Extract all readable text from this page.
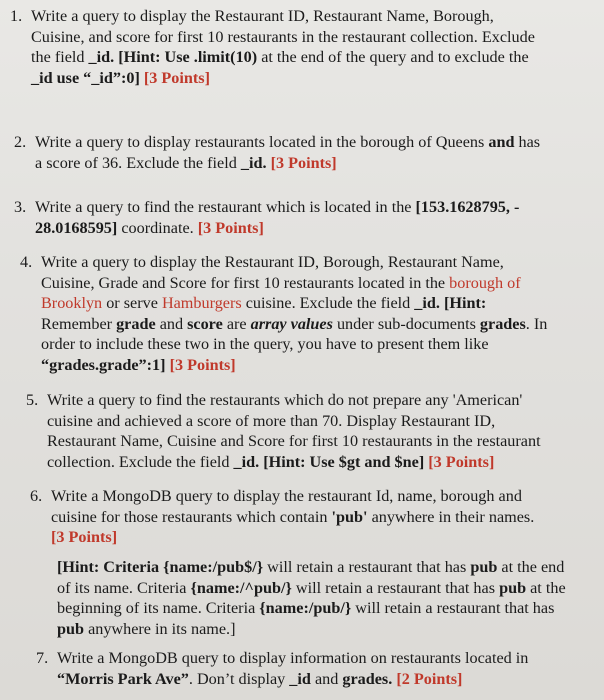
1. Write a query to display the Restaurant ID, Restaurant Name, Borough,
Cuisine, and score for first 10 restaurants in the restaurant collection. Exclude
the field _id. [Hint: Use .limit(10) at the end of the query and to exclude the
_id use “_id”:0] [3 Points]
2. Write a query to display restaurants located in the borough of Queens and has
a score of 36. Exclude the field _id. [3 Points]
3. Write a query to find the restaurant which is located in the [153.1628795, -
28.0168595] coordinate. [3 Points]
4. Write a query to display the Restaurant ID, Borough, Restaurant Name,
Cuisine, Grade and Score for first 10 restaurants located in the borough of
Brooklyn or serve Hamburgers cuisine. Exclude the field _id. [Hint:
Remember grade and score are array values under sub-documents grades. In
order to include these two in the query, you have to present them like
“grades.grade”:1] [3 Points]
5. Write a query to find the restaurants which do not prepare any 'American'
cuisine and achieved a score of more than 70. Display Restaurant ID,
Restaurant Name, Cuisine and Score for first 10 restaurants in the restaurant
collection. Exclude the field _id. [Hint: Use $gt and $ne] [3 Points]
6. Write a MongoDB query to display the restaurant Id, name, borough and
cuisine for those restaurants which contain 'pub' anywhere in their names.
[3 Points]
[Hint: Criteria {name:/pub$/} will retain a restaurant that has pub at the end
of its name. Criteria {name:/^pub/} will retain a restaurant that has pub at the
beginning of its name. Criteria {name:/pub/} will retain a restaurant that has
pub anywhere in its name.]
7. Write a MongoDB query to display information on restaurants located in
“Morris Park Ave”. Don’t display _id and grades. [2 Points]
